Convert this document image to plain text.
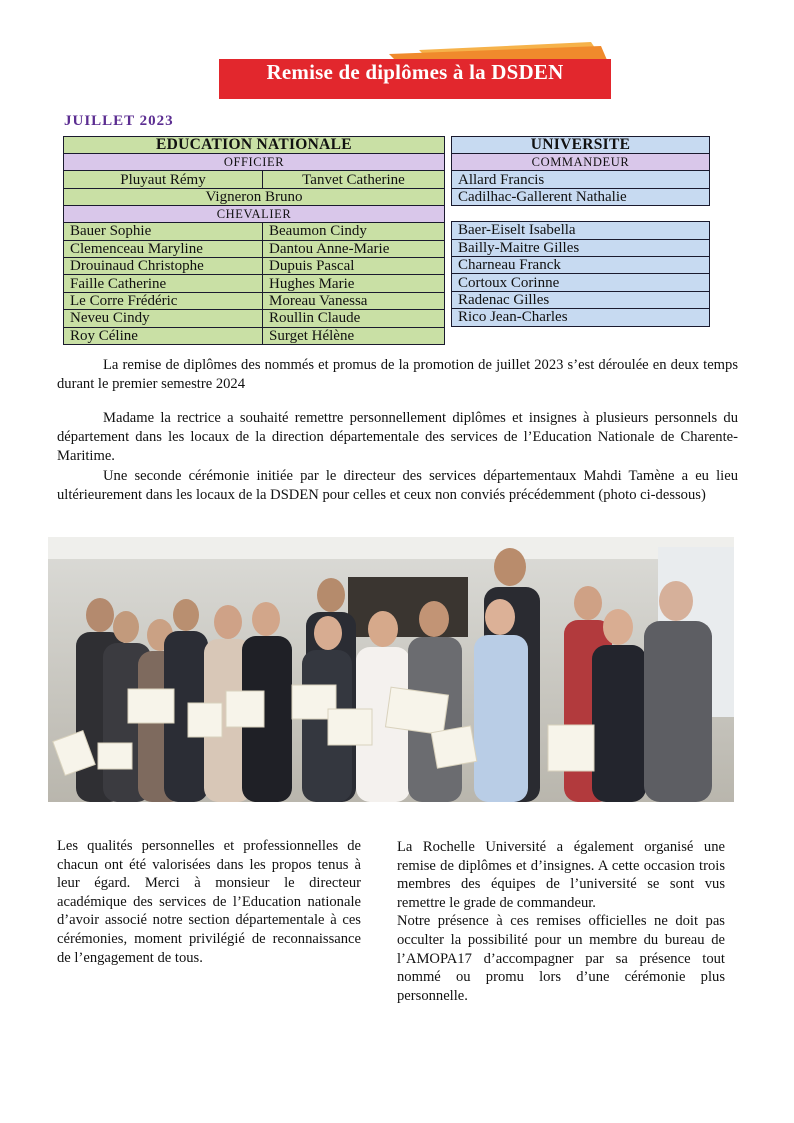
Remise de diplômes à la DSDEN
JUILLET 2023
EDUCATION NATIONALE	
OFFICIER	
Pluyaut Rémy	Tanvet Catherine
Vigneron Bruno	
CHEVALIER	
Bauer Sophie	Beaumon Cindy
Clemenceau Maryline	Dantou Anne-Marie
Drouinaud Christophe	Dupuis Pascal
Faille Catherine	Hughes Marie
Le Corre Frédéric	Moreau Vanessa
Neveu Cindy	Roullin Claude
Roy Céline	Surget Hélène
UNIVERSITE
COMMANDEUR
Allard Francis
Cadilhac-Gallerent Nathalie

Baer-Eiselt Isabella
Bailly-Maitre Gilles
Charneau Franck
Cortoux Corinne
Radenac Gilles
Rico Jean-Charles

La remise de diplômes des nommés et promus de la promotion de juillet 2023 s’est déroulée en deux temps durant le premier semestre 2024

Madame la rectrice a souhaité remettre personnellement diplômes et insignes à plusieurs personnels du département dans les locaux de la direction départementale des services de l’Education Nationale de Charente-Maritime.

Une seconde cérémonie initiée par le directeur des services départementaux Mahdi Tamène a eu lieu ultérieurement dans les locaux de la DSDEN pour celles et ceux non conviés précédemment (photo ci-dessous)

Les qualités personnelles et professionnelles de chacun ont été valorisées dans les propos tenus à leur égard. Merci à monsieur le directeur académique des services de l’Education nationale d’avoir associé notre section départementale à ces cérémonies, moment privilégié de reconnaissance de l’engagement de tous.

La Rochelle Université a également organisé une remise de diplômes et d’insignes. A cette occasion trois membres des équipes de l’université se sont vus remettre le grade de commandeur.
Notre présence à ces remises officielles ne doit pas occulter la possibilité pour un membre du bureau de l’AMOPA17 d’accompagner par sa présence tout nommé ou promu lors d’une cérémonie plus personnelle.
